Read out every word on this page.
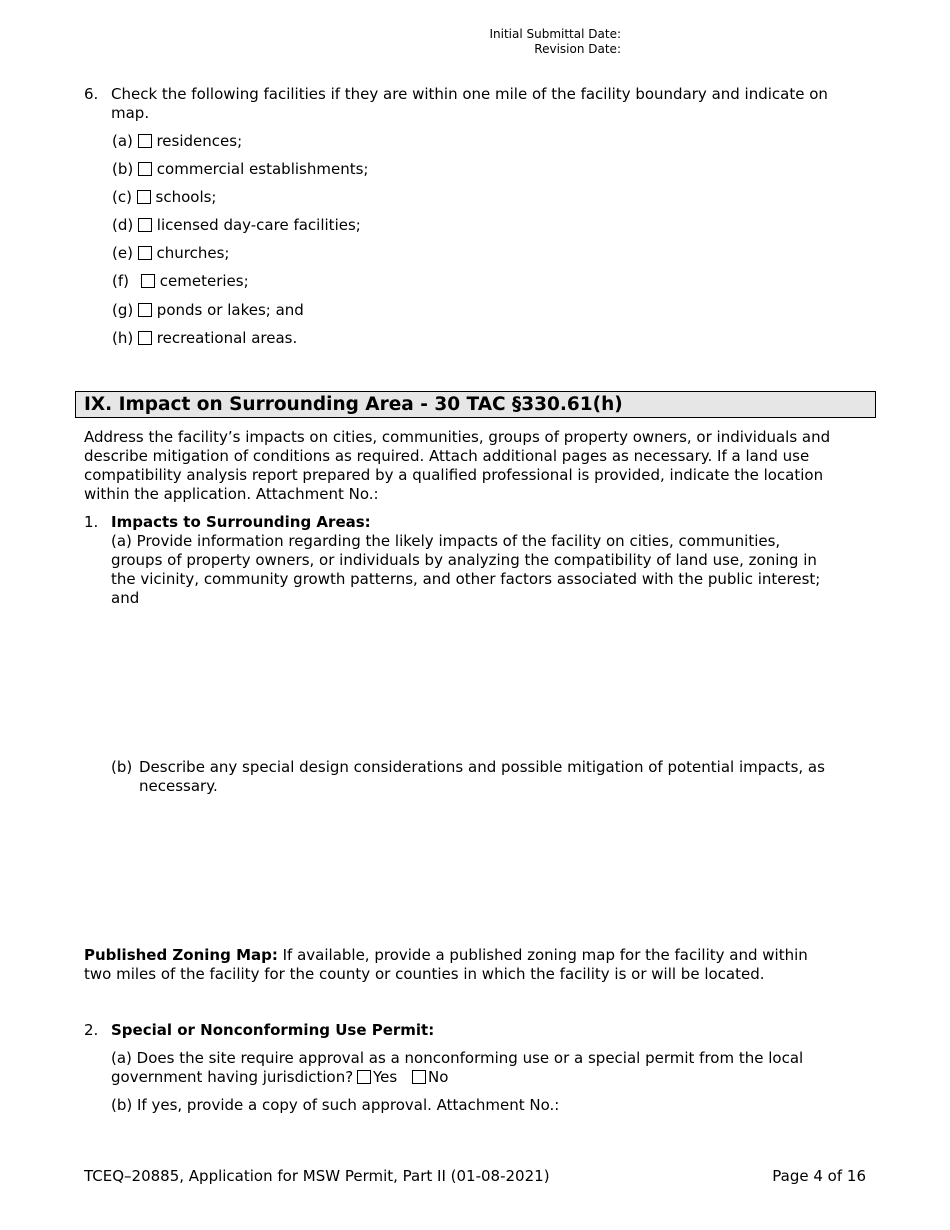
Initial Submittal Date:
Revision Date:
6. Check the following facilities if they are within one mile of the facility boundary and indicate on
map.
(a) residences;
(b) commercial establishments;
(c) schools;
(d) licensed day-care facilities;
(e) churches;
(f) cemeteries;
(g) ponds or lakes; and
(h) recreational areas.
IX. Impact on Surrounding Area - 30 TAC §330.61(h)
Address the facility’s impacts on cities, communities, groups of property owners, or individuals and
describe mitigation of conditions as required. Attach additional pages as necessary. If a land use
compatibility analysis report prepared by a qualified professional is provided, indicate the location
within the application. Attachment No.:
1. Impacts to Surrounding Areas:
(a) Provide information regarding the likely impacts of the facility on cities, communities,
groups of property owners, or individuals by analyzing the compatibility of land use, zoning in
the vicinity, community growth patterns, and other factors associated with the public interest;
and
(b) Describe any special design considerations and possible mitigation of potential impacts, as
necessary.
Published Zoning Map: If available, provide a published zoning map for the facility and within
two miles of the facility for the county or counties in which the facility is or will be located.
2. Special or Nonconforming Use Permit:
(a) Does the site require approval as a nonconforming use or a special permit from the local
government having jurisdiction? Yes No
(b) If yes, provide a copy of such approval. Attachment No.:
TCEQ–20885, Application for MSW Permit, Part II (01-08-2021)	Page 4 of 16
